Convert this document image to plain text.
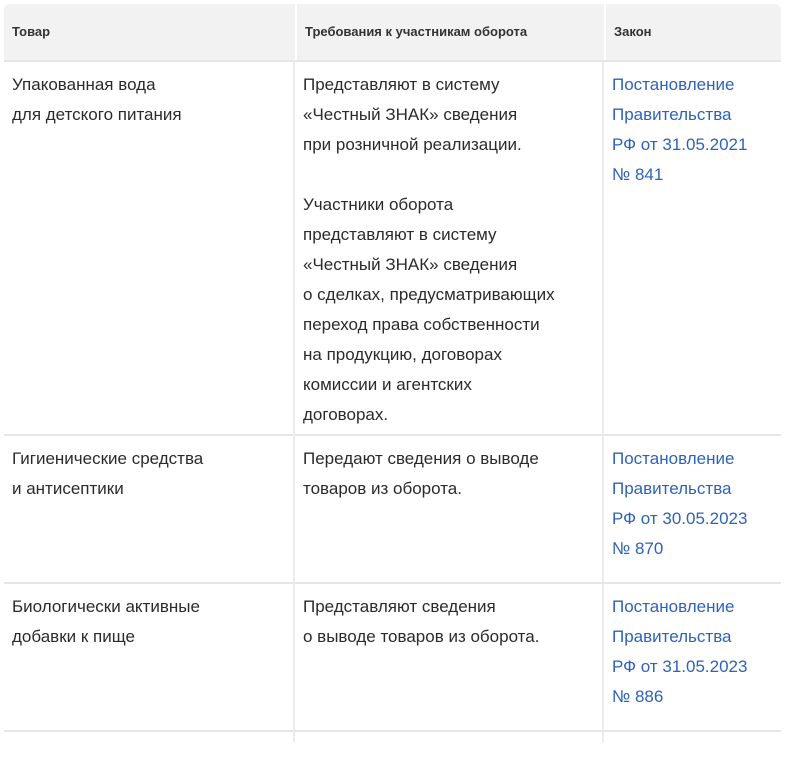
Товар	Требования к участникам оборота	Закон
Упакованная вода
для детского питания

Представляют в систему
«Честный ЗНАК» сведения
при розничной реализации.

Участники оборота
представляют в систему
«Честный ЗНАК» сведения
о сделках, предусматривающих
переход права собственности
на продукцию, договорах
комиссии и агентских
договорах.

Постановление
Правительства
РФ от 31.05.2021
№ 841
Гигиенические средства
и антисептики

Передают сведения о выводе
товаров из оборота.

Постановление
Правительства
РФ от 30.05.2023
№ 870
Биологически активные
добавки к пище

Представляют сведения
о выводе товаров из оборота.

Постановление
Правительства
РФ от 31.05.2023
№ 886
